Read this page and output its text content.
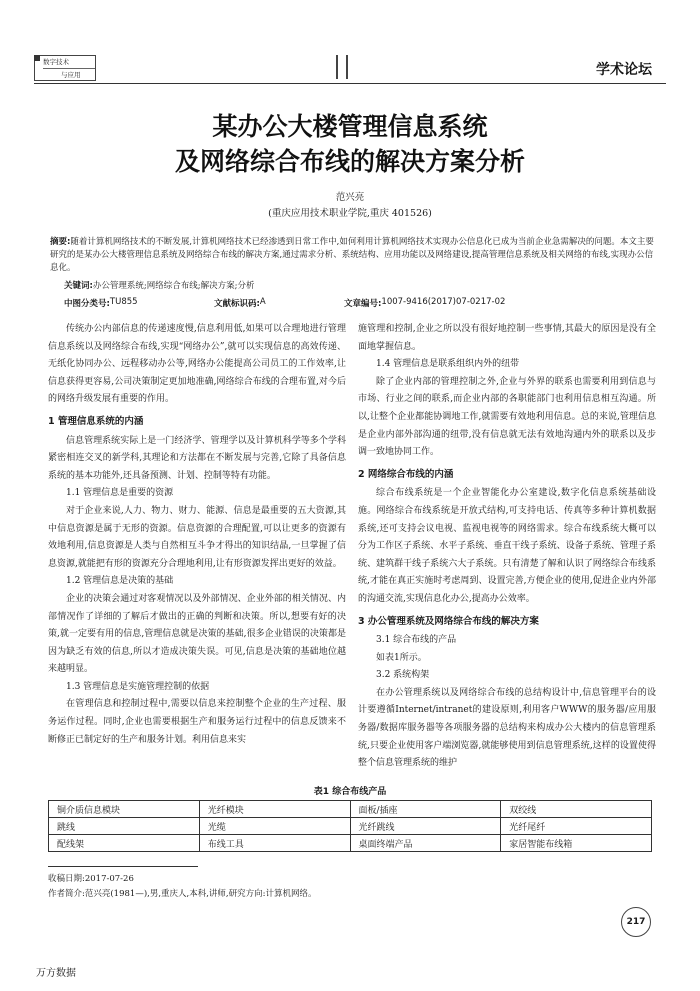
数字技术
与应用	学术论坛
某办公大楼管理信息系统
及网络综合布线的解决方案分析
范兴亮
(重庆应用技术职业学院,重庆 401526)
摘要:随着计算机网络技术的不断发展,计算机网络技术已经渗透到日常工作中,如何利用计算机网络技术实现办公信息化已成为当前企业急需解决的问题。本文主要研究的是某办公大楼管理信息系统及网络综合布线的解决方案,通过需求分析、系统结构、应用功能以及网络建设,提高管理信息系统及相关网络的布线,实现办公信息化。
关键词:办公管理系统;网络综合布线;解决方案;分析
中图分类号: TU855	文献标识码: A	文章编号: 1007-9416(2017)07-0217-02

传统办公内部信息的传递速度慢,信息利用低,如果可以合理地进行管理信息系统以及网络综合布线,实现“网络办公”,就可以实现信息的高效传递、无纸化协同办公、远程移动办公等,网络办公能提高公司员工的工作效率,让信息获得更容易,公司决策制定更加地准确,网络综合布线的合理布置,对今后的网络升级发展有重要的作用。

1 管理信息系统的内涵

信息管理系统实际上是一门经济学、管理学以及计算机科学等多个学科紧密相连交叉的新学科,其理论和方法都在不断发展与完善,它除了具备信息系统的基本功能外,还具备预测、计划、控制等特有功能。

1.1 管理信息是重要的资源

对于企业来说,人力、物力、财力、能源、信息是最重要的五大资源,其中信息资源是属于无形的资源。信息资源的合理配置,可以让更多的资源有效地利用,信息资源是人类与自然相互斗争才得出的知识结晶,一旦掌握了信息资源,就能把有形的资源充分合理地利用,让有形资源发挥出更好的效益。

1.2 管理信息是决策的基础

企业的决策会通过对客观情况以及外部情况、企业外部的相关情况、内部情况作了详细的了解后才做出的正确的判断和决策。所以,想要有好的决策,就一定要有用的信息,管理信息就是决策的基础,很多企业错误的决策都是因为缺乏有效的信息,所以才造成决策失误。可见,信息是决策的基础地位越来越明显。

1.3 管理信息是实施管理控制的依据

在管理信息和控制过程中,需要以信息来控制整个企业的生产过程、服务运作过程。同时,企业也需要根据生产和服务运行过程中的信息反馈来不断修正已制定好的生产和服务计划。利用信息来实

施管理和控制,企业之所以没有很好地控制一些事情,其最大的原因是没有全面地掌握信息。

1.4 管理信息是联系组织内外的纽带

除了企业内部的管理控制之外,企业与外界的联系也需要利用到信息与市场、行业之间的联系,而企业内部的各职能部门也利用信息相互沟通。所以,让整个企业都能协调地工作,就需要有效地利用信息。总的来说,管理信息是企业内部外部沟通的纽带,没有信息就无法有效地沟通内外的联系以及步调一致地协同工作。

2 网络综合布线的内涵

综合布线系统是一个企业智能化办公室建设,数字化信息系统基础设施。网络综合布线系统是开放式结构,可支持电话、传真等多种计算机数据系统,还可支持会议电视、监视电视等的网络需求。综合布线系统大概可以分为工作区子系统、水平子系统、垂直干线子系统、设备子系统、管理子系统、建筑群干线子系统六大子系统。只有清楚了解和认识了网络综合布线系统,才能在真正实施时考虑周到、设置完善,方便企业的使用,促进企业内外部的沟通交流,实现信息化办公,提高办公效率。

3 办公管理系统及网络综合布线的解决方案
3.1 综合布线的产品

如表1所示。

3.2 系统构架

在办公管理系统以及网络综合布线的总结构设计中,信息管理平台的设计要遵循Internet/intranet的建设原则,利用客户WWW的服务器/应用服务器/数据库服务器等各项服务器的总结构来构成办公大楼内的信息管理系统,只要企业使用客户端浏览器,就能够使用到信息管理系统,这样的设置使得整个信息管理系统的维护

表1 综合布线产品
铜介质信息模块	光纤模块	面板/插座	双绞线
跳线	光缆	光纤跳线	光纤尾纤
配线架	布线工具	桌面终端产品	家居智能布线箱
收稿日期:2017-07-26
作者简介:范兴亮(1981—),男,重庆人,本科,讲师,研究方向:计算机网络。
217
万方数据
